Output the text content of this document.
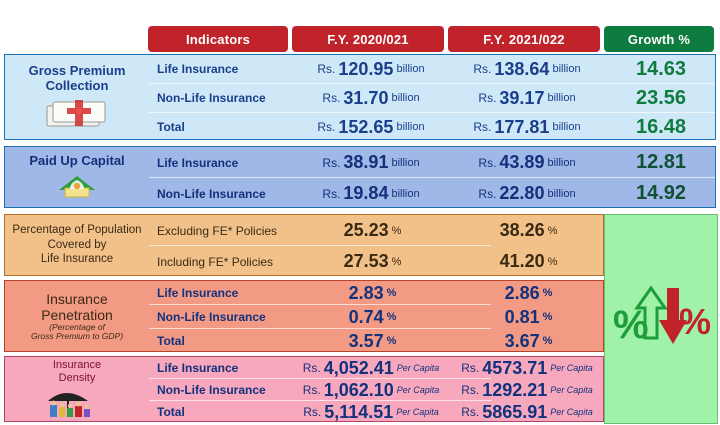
Indicators	F.Y. 2020/021	F.Y. 2021/022	Growth %
Gross Premium
Collection
Life Insurance	Rs. 120.95 billion	Rs. 138.64 billion	14.63
Non-Life Insurance	Rs. 31.70 billion	Rs. 39.17 billion	23.56
Total	Rs. 152.65 billion	Rs. 177.81 billion	16.48
Paid Up Capital	Life Insurance	Rs. 38.91 billion	Rs. 43.89 billion	12.81
Non-Life Insurance	Rs. 19.84 billion	Rs. 22.80 billion	14.92
% %
Percentage of Population
Covered by
Life Insurance
Excluding FE* Policies	25.23 %	38.26 %
Including FE* Policies	27.53 %	41.20 %
Insurance
Penetration
(Percentage of
Gross Premium to GDP)
Life Insurance	2.83 %	2.86 %
Non-Life Insurance	0.74 %	0.81 %
Total	3.57 %	3.67 %
Insurance
Density
Life Insurance	Rs. 4,052.41 Per Capita Rs. 4573.71 Per Capita
Non-Life Insurance	Rs. 1,062.10 Per Capita Rs. 1292.21 Per Capita
Total	Rs. 5,114.51 Per Capita Rs. 5865.91 Per Capita
